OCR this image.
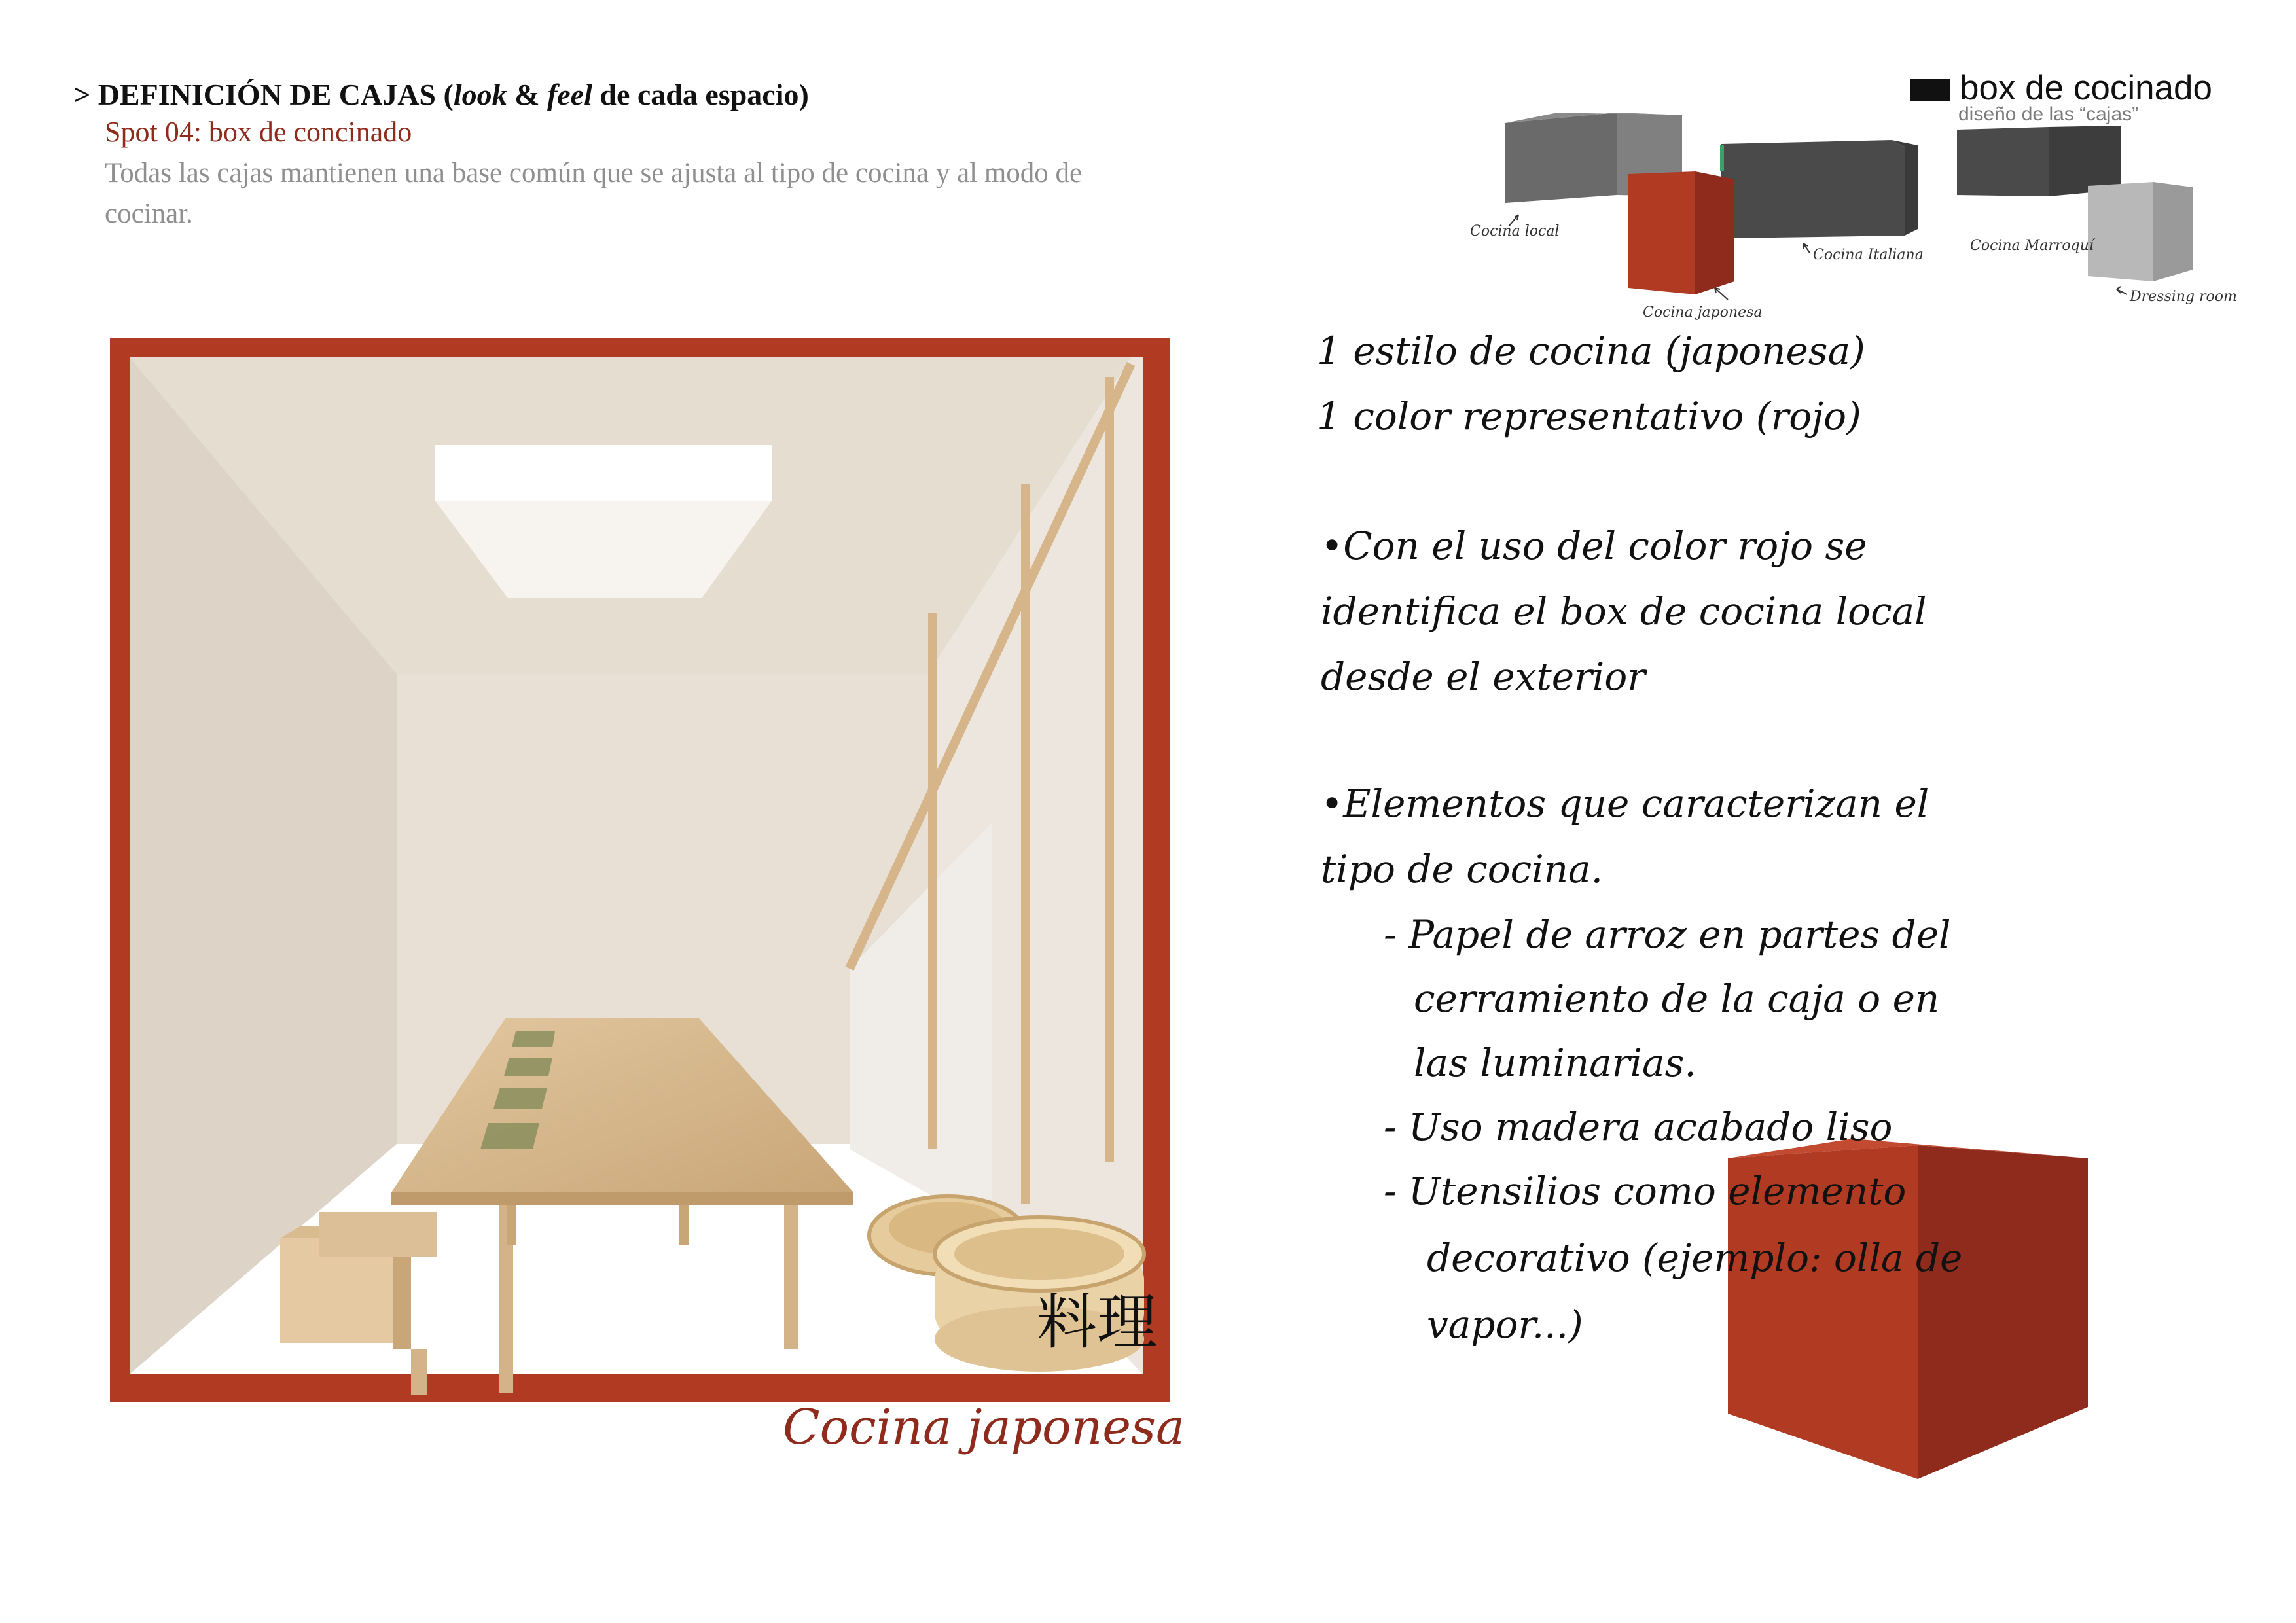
> DEFINICIÓN DE CAJAS (look & feel de cada espacio)
Spot 04: box de concinado
Todas las cajas mantienen una base común que se ajusta al tipo de cocina y al modo de cocinar.
box de cocinado
diseño de las “cajas”
Cocina local
Cocina japonesa
Cocina Italiana
Cocina Marroquí
Dressing room
料理
Cocina japonesa
1 estilo de cocina (japonesa)
1 color representativo (rojo)
•Con el uso del color rojo se
identifica el box de cocina local
desde el exterior
•Elementos que caracterizan el
tipo de cocina.
- Papel de arroz en partes del
cerramiento de la caja o en
las luminarias.
- Uso madera acabado liso
- Utensilios como elemento
decorativo (ejemplo: olla de
vapor...)
